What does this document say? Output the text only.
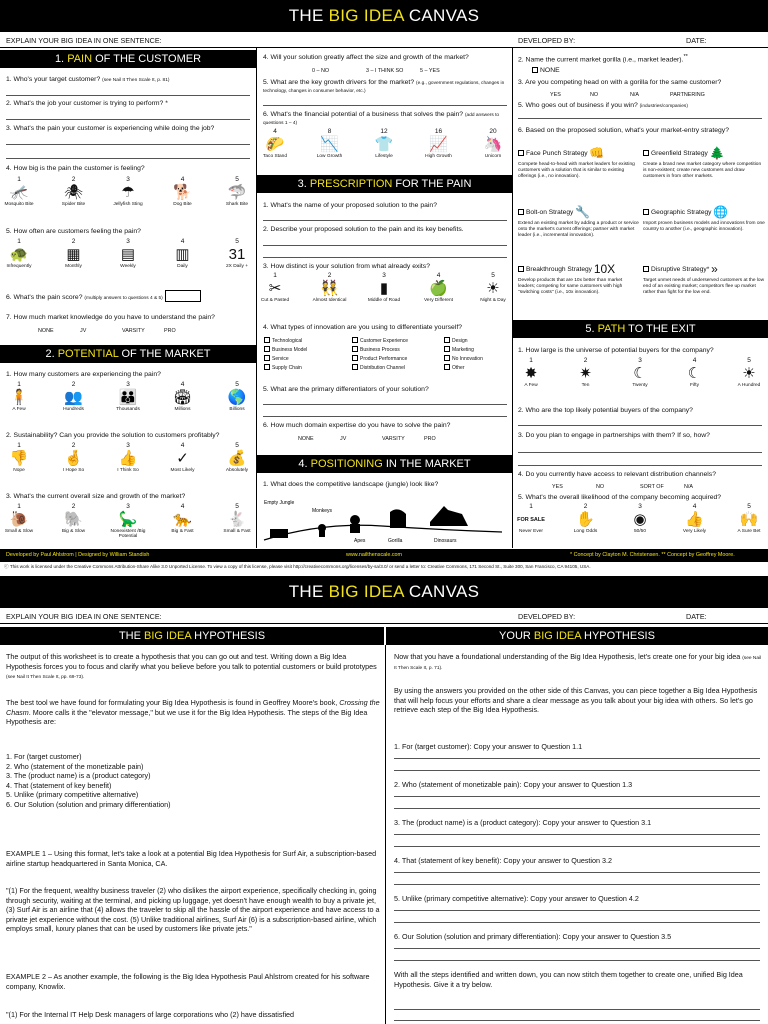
THE BIG IDEA CANVAS
EXPLAIN YOUR BIG IDEA IN ONE SENTENCE:	DEVELOPED BY:	DATE:
1. PAIN OF THE CUSTOMER
1. Who's your target customer? (see Nail It Then Scale It, p. 81)
2. What's the job your customer is trying to perform? *
3. What's the pain your customer is experiencing while doing the job?
4. How big is the pain the customer is feeling?
1
🦟
Mosquito Bite
2
🕷
Spider Bite
3
☂
Jellyfish Sting
4
🐕
Dog Bite
5
🦈
Shark Bite
5. How often are customers feeling the pain?
1
🐢
Infrequently
2
▦
Monthly
3
▤
Weekly
4
▥
Daily
5
31
2X Daily +
6. What's the pain score? (multiply answers to questions 4 & 5)
7. How much market knowledge do you have to understand the pain?
NONE	JV	VARSITY	PRO
2. POTENTIAL OF THE MARKET
1. How many customers are experiencing the pain?
1
🧍
A Few
2
👥
Hundreds
3
👪
Thousands
4
🏟
Millions
5
🌎
Billions
2. Sustainability? Can you provide the solution to customers profitably?
1
👎
Nope
2
🤞
I Hope So
3
👍
I Think So
4
✓
Most Likely
5
💰
Absolutely
3. What's the current overall size and growth of the market?
1
🐌
Small & Slow
2
🐘
Big & Slow
3
🦕
Nonexistent /Big Potential
4
🐆
Big & Fast
5
🐇
Small & Fast
4. Will your solution greatly affect the size and growth of the market?
0 – NO	3 – I THINK SO	5 – YES
5. What are the key growth drivers for the market? (e.g., government regulations, changes in technology, changes in consumer behavior, etc.)
6. What's the financial potential of a business that solves the pain? (add answers to questions 1 – 4)
4
🌮
Taco Stand
8
📉
Low Growth
12
👕
Lifestyle
16
📈
High Growth
20
🦄
Unicorn
3. PRESCRIPTION FOR THE PAIN
1. What's the name of your proposed solution to the pain?
2. Describe your proposed solution to the pain and its key benefits.
3. How distinct is your solution from what already exits?
1
✂
Cut & Pasted
2
👯
Almost Identical
3
▮
Middle of Road
4
🍏
Very Different
5
☀
Night & Day
4. What types of innovation are you using to differentiate yourself?
Technological	Customer Experience	Design
Business Model	Business Process	Marketing
Service	Product Performance	No Innovation
Supply Chain	Distribution Channel	Other
5. What are the primary differentiators of your solution?
6. How much domain expertise do you have to solve the pain?
NONE	JV	VARSITY	PRO
4. POSITIONING IN THE MARKET
1. What does the competitive landscape (jungle) look like?
Empty Jungle
Monkeys
Apes	Gorilla	Dinosaurs
2. Name the current market gorilla (i.e., market leader).**
NONE
3. Are you competing head on with a gorilla for the same customer?
YES	NO	N/A	PARTNERING
5. Who goes out of business if you win? (industries/companies)
6. Based on the proposed solution, what's your market-entry strategy?
Face Punch Strategy 👊
Compete head-to-head with market leaders for existing customers with a solution that is similar to existing offerings (i.e., no innovation).
Greenfield Strategy 🌲
Create a brand new market category where competition is non-existent; create new customers and draw customers in from other markets.
Bolt-on Strategy 🔧
Extend an existing market by adding a product or service onto the market's current offerings; partner with market leader (i.e., incremental innovation).
Geographic Strategy 🌐
Import proven business models and innovations from one country to another (i.e., geographic innovation).
Breakthrough Strategy 10X
Develop products that are 10x better than market leaders; competing for same customers with high "switching costs" (i.e., 10x innovation).
Disruptive Strategy* »
Target unmet needs of underserved customers at the low end of an existing market; competitors flee up market rather than fight for the low end.
5. PATH TO THE EXIT
1. How large is the universe of potential buyers for the company?
1
✸
A Few
2
✷
Ten
3
☾
Twenty
4
☾
Fifty
5
☀
A Hundred
2. Who are the top likely potential buyers of the company?
3. Do you plan to engage in partnerships with them? If so, how?
4. Do you currently have access to relevant distribution channels?
YES	NO	SORT OF	N/A
5. What's the overall likelihood of the company becoming acquired?
1
FOR SALE
Never Ever
2
✋
Long Odds
3
◉
50/50
4
👍
Very Likely
5
🙌
A Sure Bet
Developed by Paul Ahlstrom | Designed by William Standish	www.nailthenscale.com	* Concept by Clayton M. Christensen. ** Concept by Geoffrey Moore.
ⓒ This work is licensed under the Creative Commons Attribution-Share Alike 3.0 Unported License. To view a copy of this license, please visit http://creativecommons.org/licenses/by-sa/3.0/ or send a letter to: Creative Commons, 171 Second St., Suite 300, San Francisco, CA 94105, USA.
THE BIG IDEA CANVAS
EXPLAIN YOUR BIG IDEA IN ONE SENTENCE:	DEVELOPED BY:	DATE:
THE BIG IDEA HYPOTHESIS	YOUR BIG IDEA HYPOTHESIS
The output of this worksheet is to create a hypothesis that you can go out and test. Writing down a Big Idea Hypothesis forces you to focus and clarify what you believe before you talk to potential customers or build prototypes (see Nail It Then Scale It, pp. 69-73).
The best tool we have found for formulating your Big Idea Hypothesis is found in Geoffrey Moore's book, Crossing the Chasm. Moore calls it the "elevator message," but we use it for the Big Idea Hypothesis. The steps of the Big Idea Hypothesis are:
1. For (target customer)
2. Who (statement of the monetizable pain)
3. The (product name) is a (product category)
4. That (statement of key benefit)
5. Unlike (primary competitive alternative)
6. Our Solution (solution and primary differentiation)
EXAMPLE 1 – Using this format, let's take a look at a potential Big Idea Hypothesis for Surf Air, a subscription-based airline startup headquartered in Santa Monica, CA.
"(1) For the frequent, wealthy business traveler (2) who dislikes the airport experience, specifically checking in, going through security, waiting at the terminal, and picking up luggage, yet doesn't have enough wealth to buy a private jet, (3) Surf Air is an airline that (4) allows the traveler to skip all the hassle of the airport experience and have access to a private jet experience without the cost. (5) Unlike traditional airlines, Surf Air (6) is a subscription-based airline, which employs small, luxury planes that can be used by customers like private jets."
EXAMPLE 2 – As another example, the following is the Big Idea Hypothesis Paul Ahlstrom created for his software company, Knowlix.
"(1) For the Internal IT Help Desk managers of large corporations who (2) have dissatisfied
Now that you have a foundational understanding of the Big Idea Hypothesis, let's create one for your big idea (see Nail It Then Scale It, p. 71).
By using the answers you provided on the other side of this Canvas, you can piece together a Big Idea Hypothesis that will help focus your efforts and share a clear message as you talk about your big idea with others. So let's go retrieve each step of the Big Idea Hypothesis.
1. For (target customer): Copy your answer to Question 1.1
2. Who (statement of monetizable pain): Copy your answer to Question 1.3
3. The (product name) is a (product category): Copy your answer to Question 3.1
4. That (statement of key benefit): Copy your answer to Question 3.2
5. Unlike (primary competitive alternative): Copy your answer to Question 4.2
6. Our Solution (solution and primary differentiation): Copy your answer to Question 3.5
With all the steps identified and written down, you can now stitch them together to create one, unified Big Idea Hypothesis. Give it a try below.
